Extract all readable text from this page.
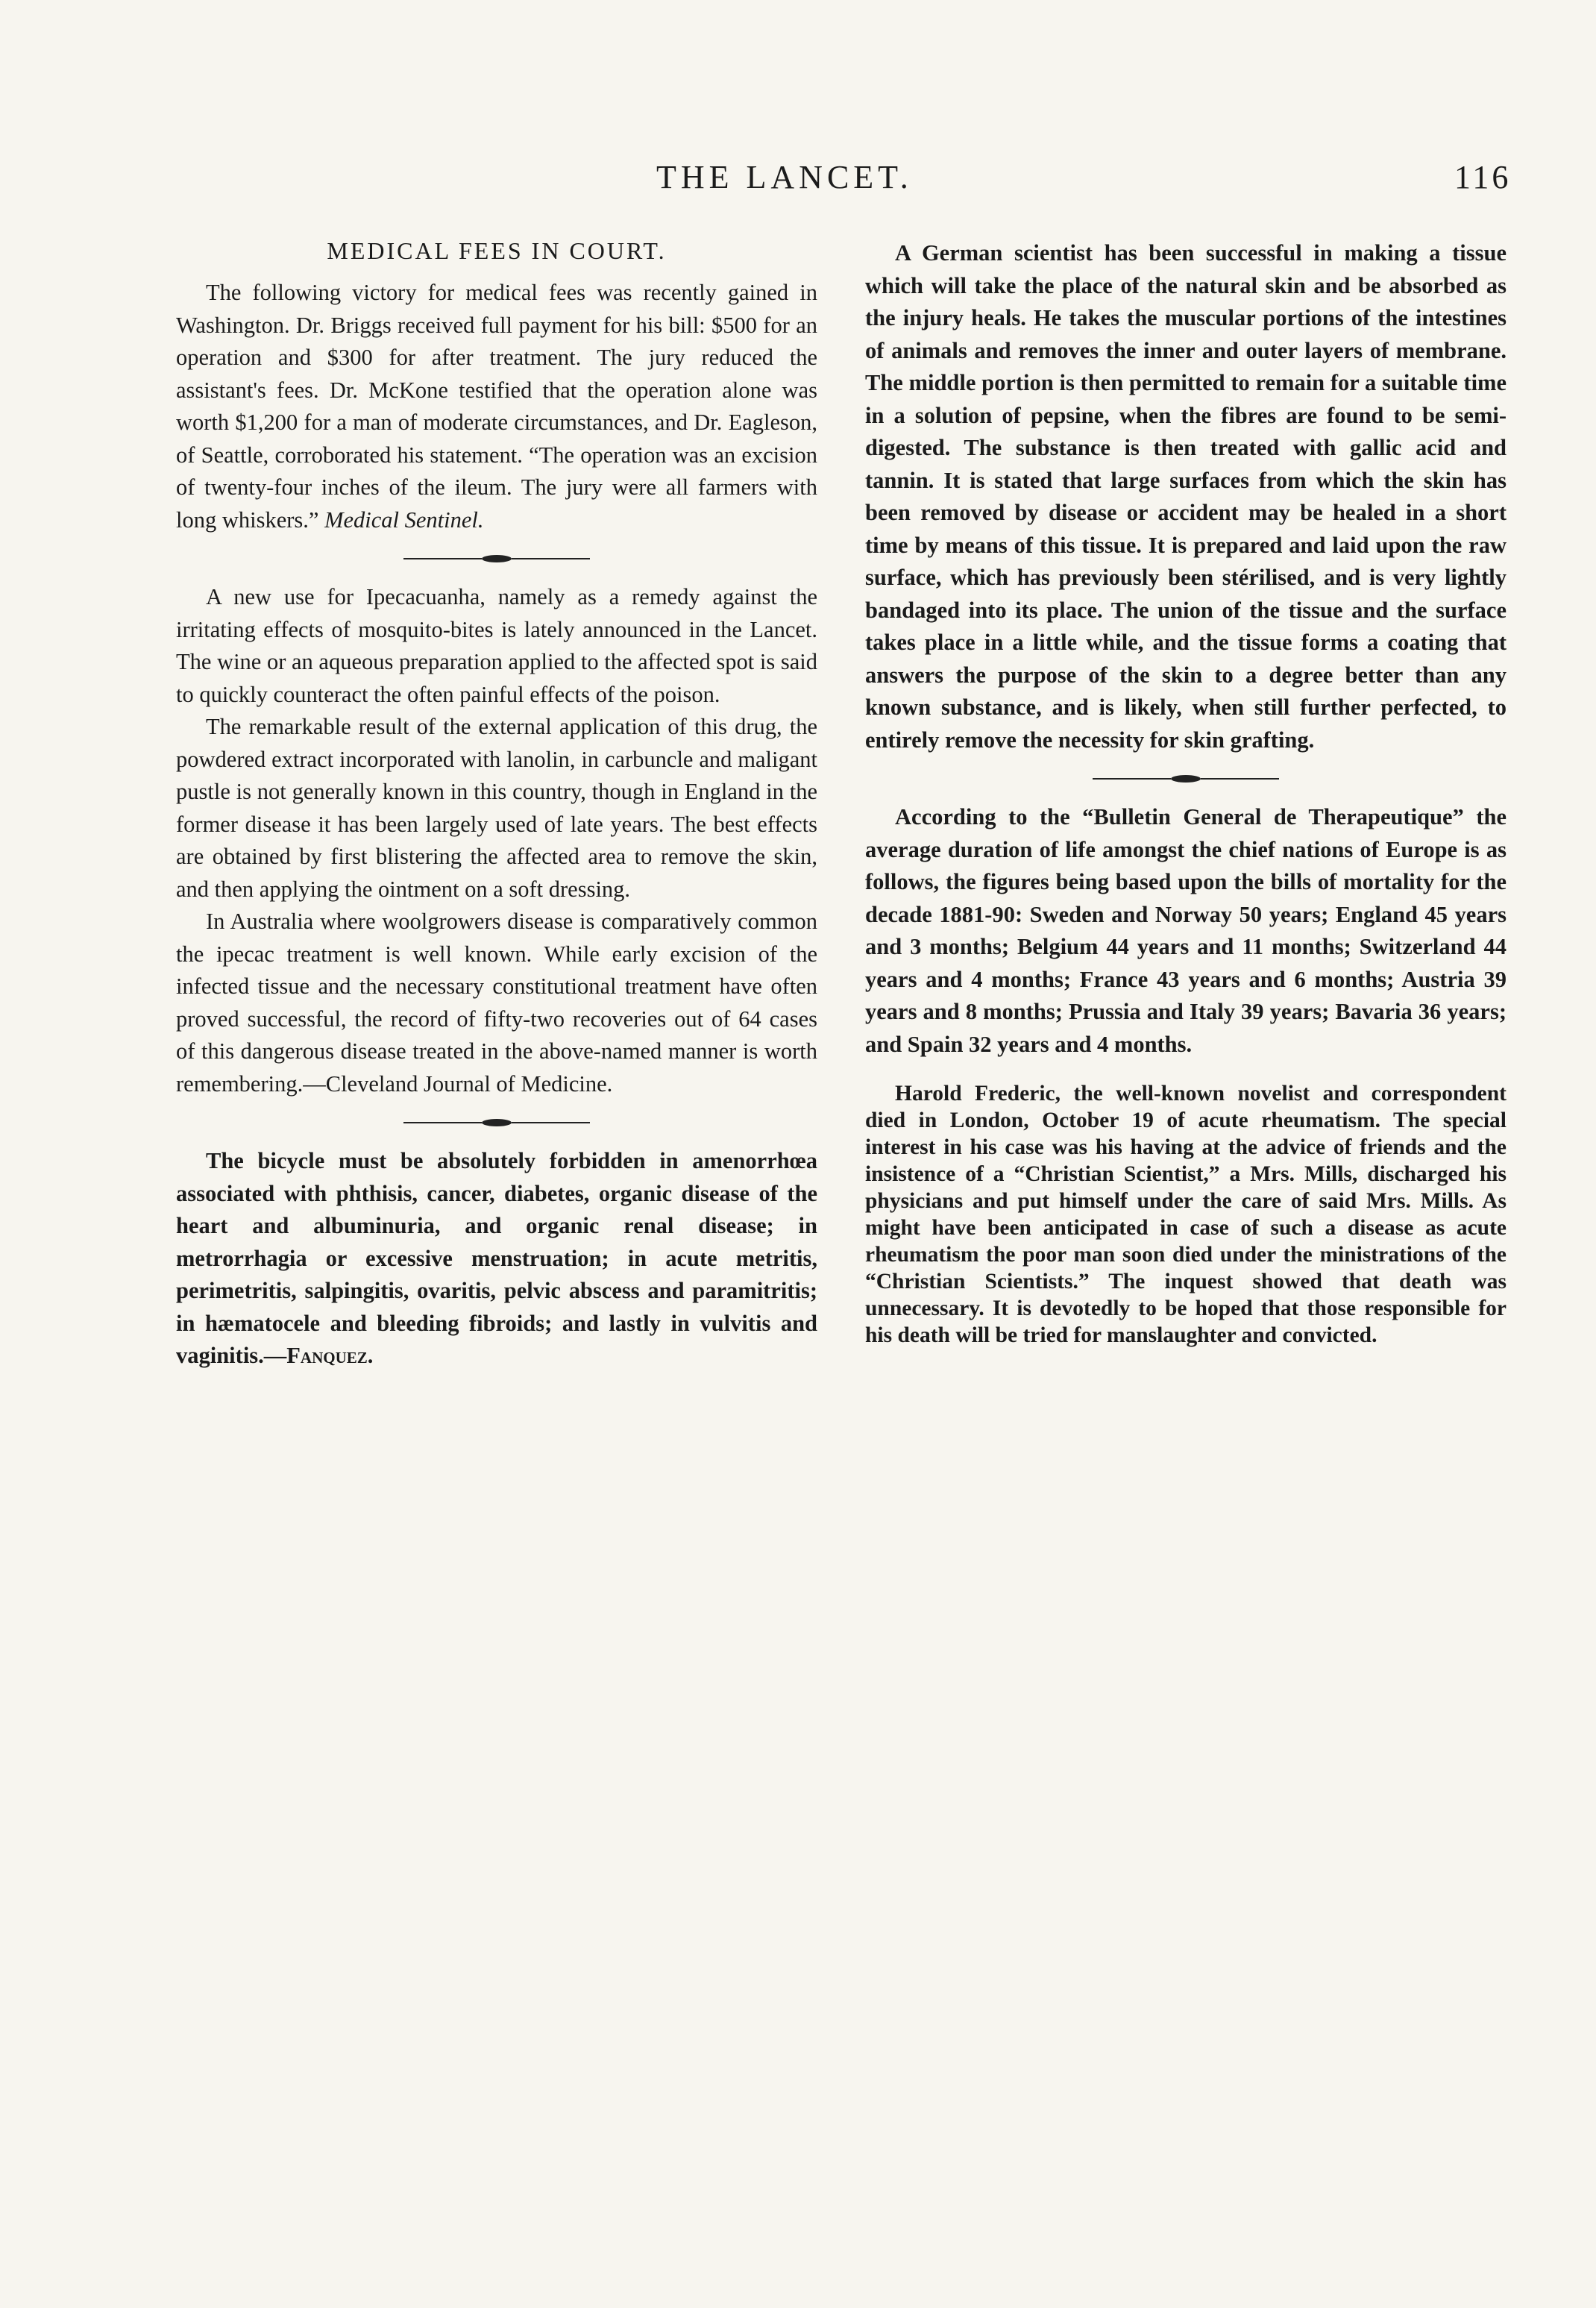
THE LANCET.	116
MEDICAL FEES IN COURT.

The following victory for medical fees was recently gained in Washington. Dr. Briggs received full payment for his bill: $500 for an operation and $300 for after treatment. The jury reduced the assistant's fees. Dr. McKone testified that the operation alone was worth $1,200 for a man of moderate circumstances, and Dr. Eagleson, of Seattle, corroborated his statement. “The operation was an excision of twenty-four inches of the ileum. The jury were all farmers with long whiskers.” Medical Sentinel.

A new use for Ipecacuanha, namely as a remedy against the irritating effects of mosquito-bites is lately announced in the Lancet. The wine or an aqueous preparation applied to the affected spot is said to quickly counteract the often painful effects of the poison.

The remarkable result of the external application of this drug, the powdered extract incorporated with lanolin, in carbuncle and maligant pustle is not generally known in this country, though in England in the former disease it has been largely used of late years. The best effects are obtained by first blistering the affected area to remove the skin, and then applying the ointment on a soft dressing.

In Australia where woolgrowers disease is comparatively common the ipecac treatment is well known. While early excision of the infected tissue and the necessary constitutional treatment have often proved successful, the record of fifty-two recoveries out of 64 cases of this dangerous disease treated in the above-named manner is worth remembering.—Cleveland Journal of Medicine.

The bicycle must be absolutely forbidden in amenorrhœa associated with phthisis, cancer, diabetes, organic disease of the heart and albuminuria, and organic renal disease; in metrorrhagia or excessive menstruation; in acute metritis, perimetritis, salpingitis, ovaritis, pelvic abscess and paramitritis; in hæmatocele and bleeding fibroids; and lastly in vulvitis and vaginitis.—Fanquez.

A German scientist has been successful in making a tissue which will take the place of the natural skin and be absorbed as the injury heals. He takes the muscular portions of the intestines of animals and removes the inner and outer layers of membrane. The middle portion is then permitted to remain for a suitable time in a solution of pepsine, when the fibres are found to be semi-digested. The substance is then treated with gallic acid and tannin. It is stated that large surfaces from which the skin has been removed by disease or accident may be healed in a short time by means of this tissue. It is prepared and laid upon the raw surface, which has previously been stérilised, and is very lightly bandaged into its place. The union of the tissue and the surface takes place in a little while, and the tissue forms a coating that answers the purpose of the skin to a degree better than any known substance, and is likely, when still further perfected, to entirely remove the necessity for skin grafting.

According to the “Bulletin General de Therapeutique” the average duration of life amongst the chief nations of Europe is as follows, the figures being based upon the bills of mortality for the decade 1881-90: Sweden and Norway 50 years; England 45 years and 3 months; Belgium 44 years and 11 months; Switzerland 44 years and 4 months; France 43 years and 6 months; Austria 39 years and 8 months; Prussia and Italy 39 years; Bavaria 36 years; and Spain 32 years and 4 months.

Harold Frederic, the well-known novelist and correspondent died in London, October 19 of acute rheumatism. The special interest in his case was his having at the advice of friends and the insistence of a “Christian Scientist,” a Mrs. Mills, discharged his physicians and put himself under the care of said Mrs. Mills. As might have been anticipated in case of such a disease as acute rheumatism the poor man soon died under the ministrations of the “Christian Scientists.” The inquest showed that death was unnecessary. It is devotedly to be hoped that those responsible for his death will be tried for manslaughter and convicted.
